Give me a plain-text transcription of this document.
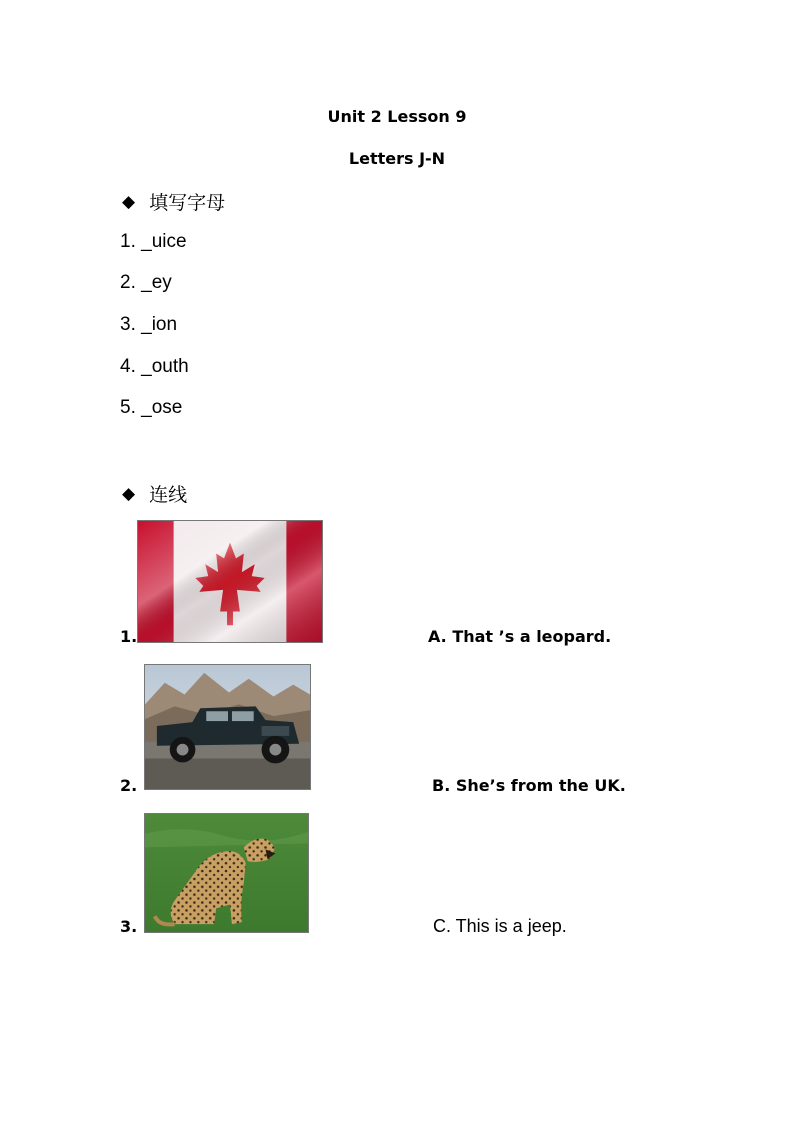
Unit 2 Lesson 9
Letters J-N
◆ 填写字母
1. _uice
2. _ey
3. _ion
4. _outh
5. _ose
◆ 连线
1.	A. That ’s a leopard.
2.	B. She’s from the UK.
3.	C. This is a jeep.
